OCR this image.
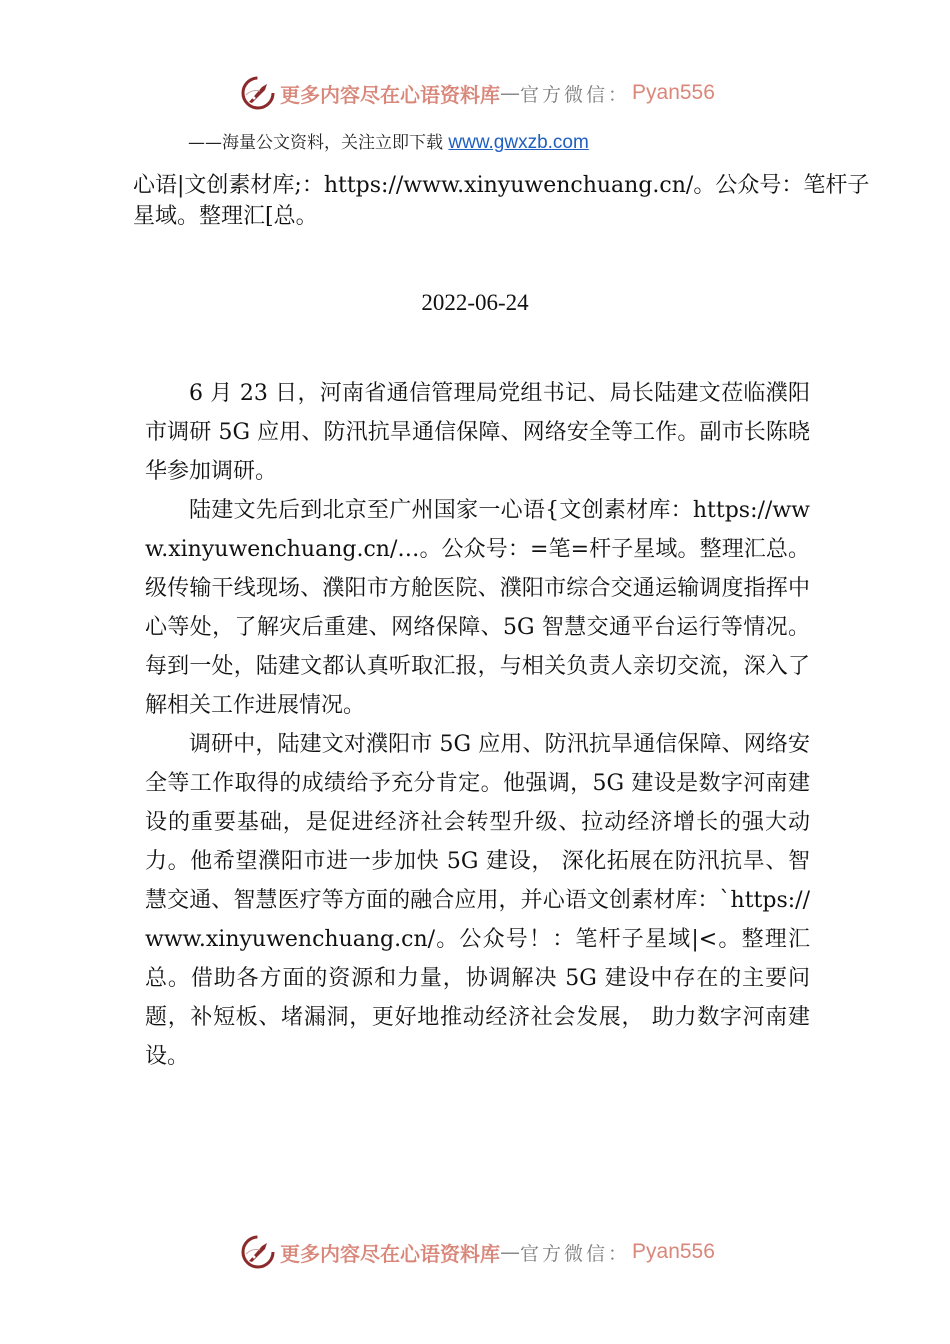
更多内容尽在心语资料库 — 官方微信： Pyan556
——海量公文资料，关注立即下载 www.gwxzb.com
心语|文创素材库;：https://www.xinyuwenchuang.cn/。公众号：笔杆子星域。整理汇[总。
2022-06-24

6 月 23 日，河南省通信管理局党组书记、局长陆建文莅临濮阳市调研 5G 应用、防汛抗旱通信保障、网络安全等工作。副市长陈晓华参加调研。

陆建文先后到北京至广州国家一心语{文创素材库：https://www.xinyuwenchuang.cn/…。公众号：=笔=杆子星域。整理汇总。级传输干线现场、濮阳市方舱医院、濮阳市综合交通运输调度指挥中心等处，了解灾后重建、网络保障、5G 智慧交通平台运行等情况。每到一处，陆建文都认真听取汇报，与相关负责人亲切交流，深入了解相关工作进展情况。

调研中，陆建文对濮阳市 5G 应用、防汛抗旱通信保障、网络安全等工作取得的成绩给予充分肯定。他强调，5G 建设是数字河南建设的重要基础，是促进经济社会转型升级、拉动经济增长的强大动力。他希望濮阳市进一步加快 5G 建设， 深化拓展在防汛抗旱、智慧交通、智慧医疗等方面的融合应用，并心语文创素材库：`https://www.xinyuwenchuang.cn/。公众号！：笔杆子星域|<。整理汇总。借助各方面的资源和力量，协调解决 5G 建设中存在的主要问题，补短板、堵漏洞，更好地推动经济社会发展， 助力数字河南建设。

更多内容尽在心语资料库 — 官方微信： Pyan556
